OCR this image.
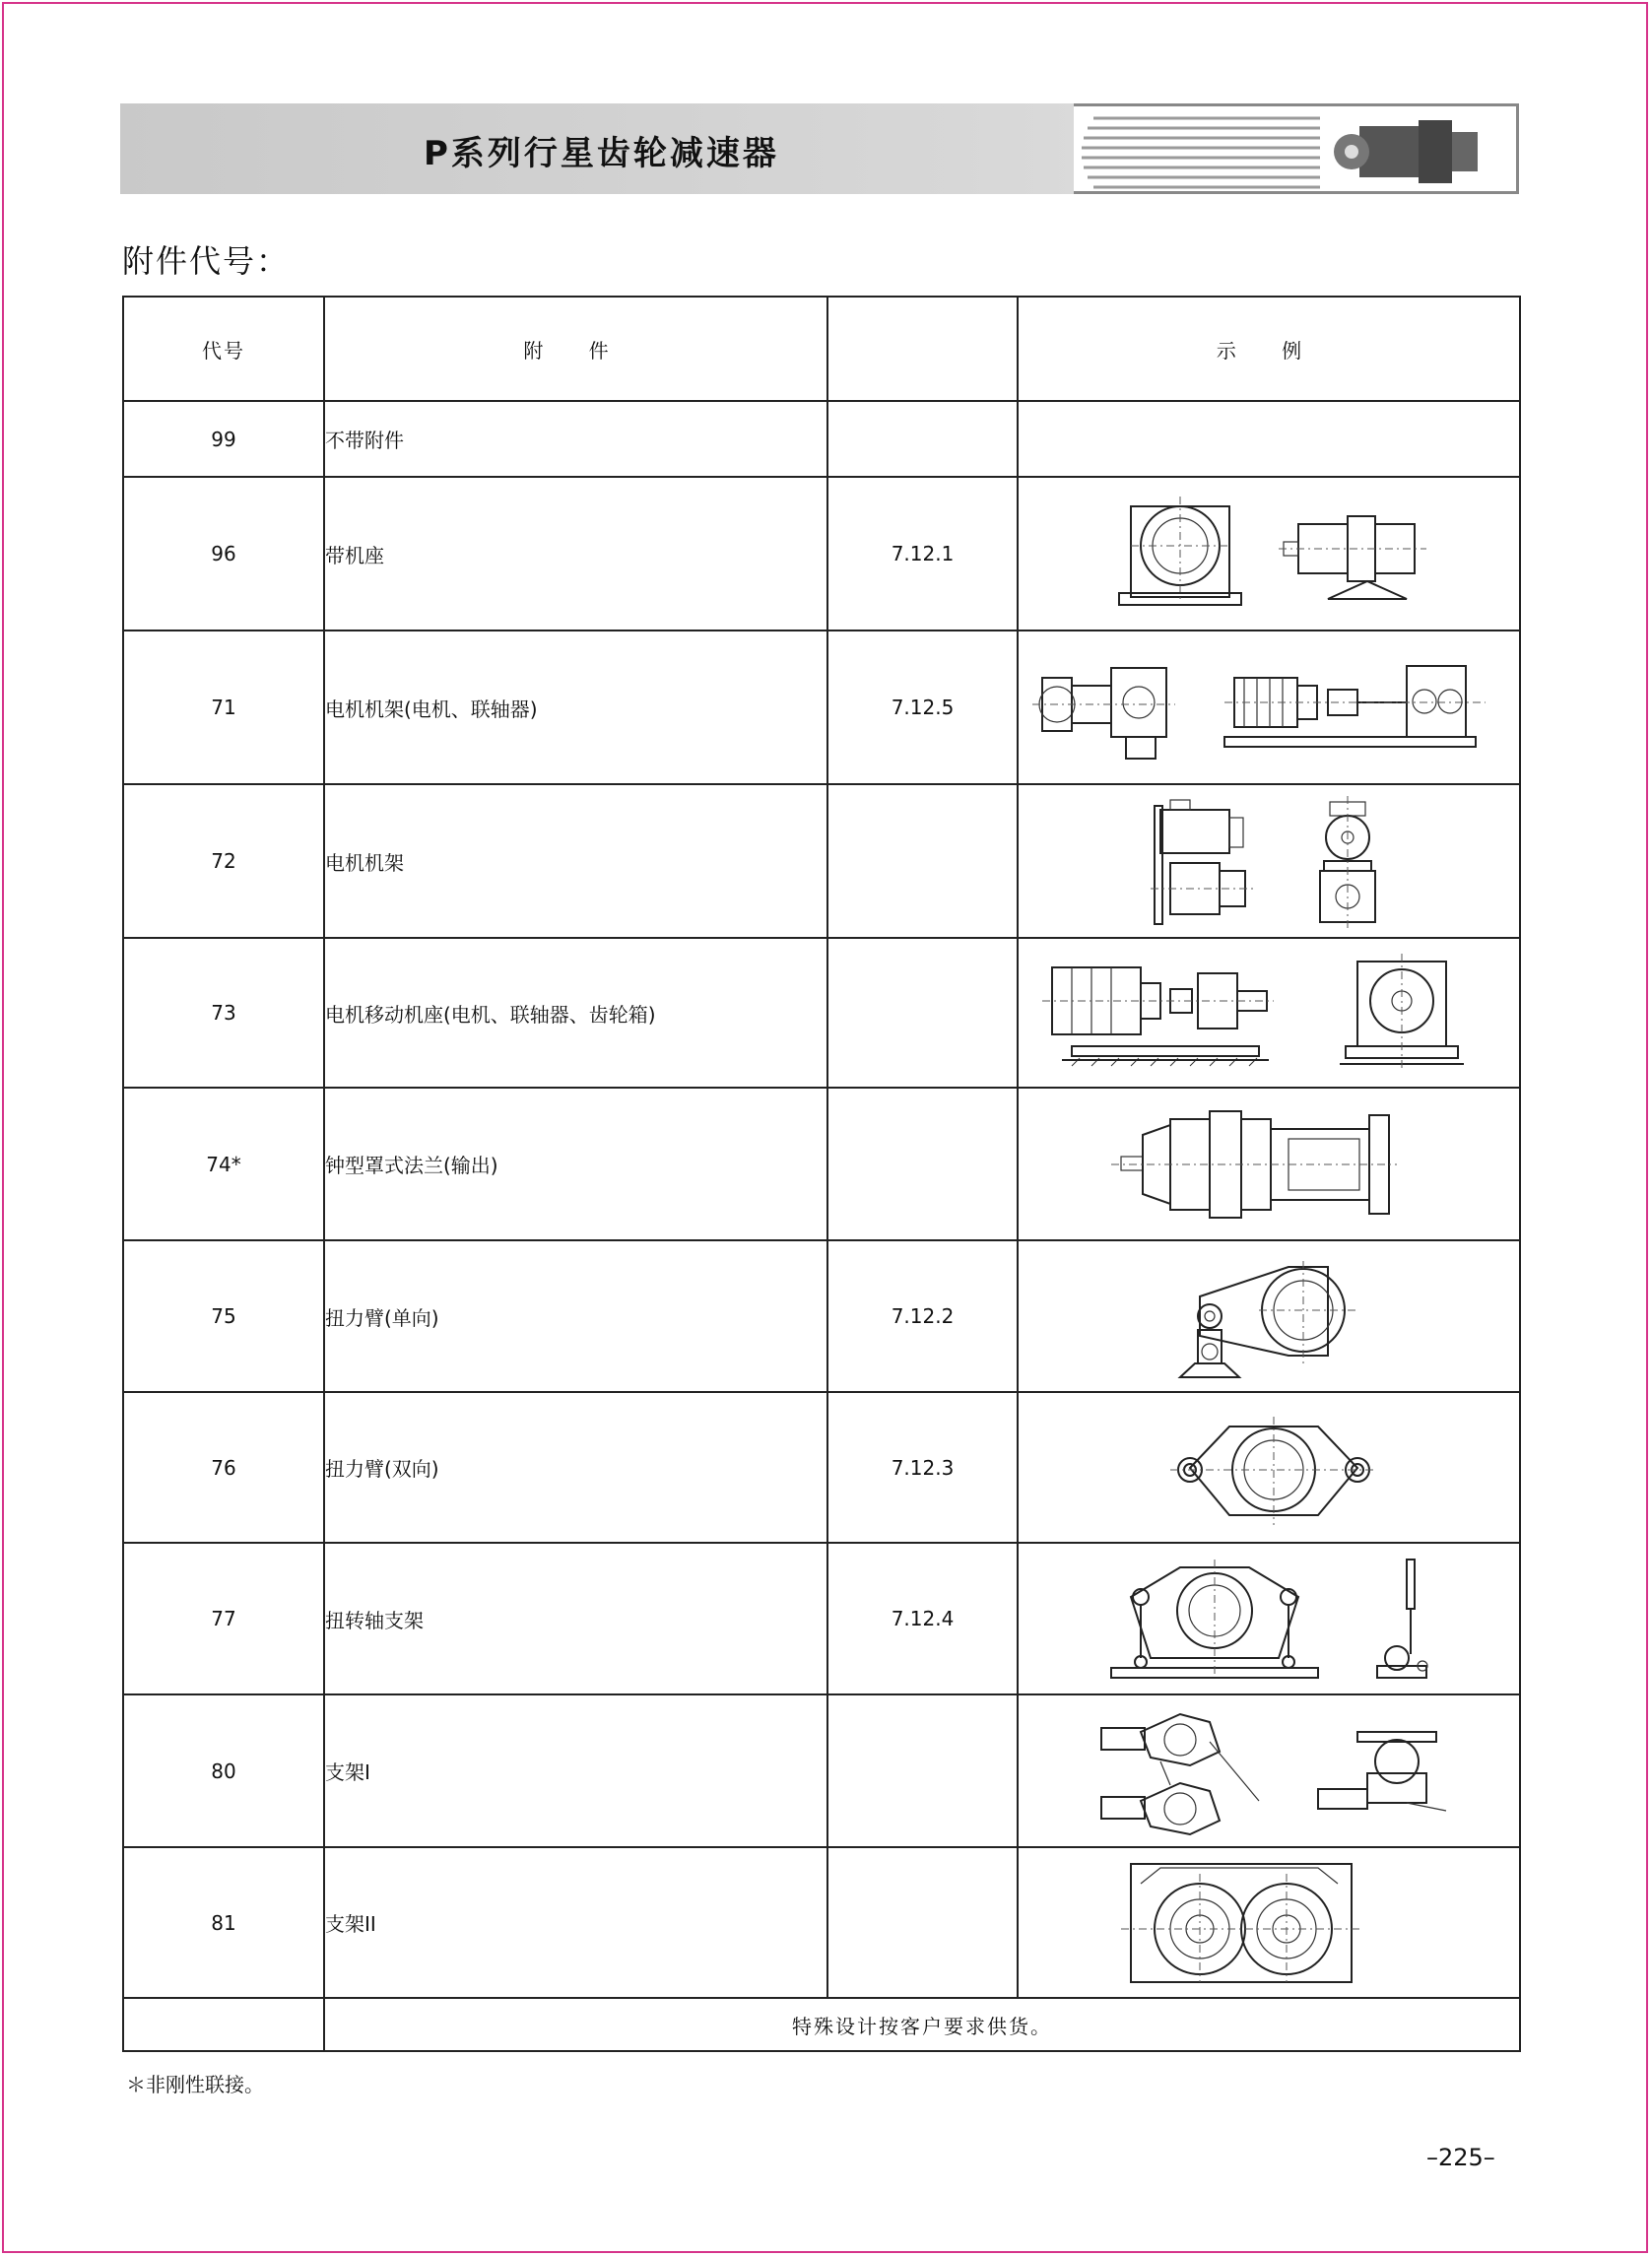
P系列行星齿轮减速器
附件代号：
代号	附 件		示 例
99	不带附件		
96	带机座	7.12.1	

71	电机机架(电机、联轴器)	7.12.5	

72	电机机架		

73	电机移动机座(电机、联轴器、齿轮箱)		

74*	钟型罩式法兰(输出)		

75	扭力臂(单向)	7.12.2	

76	扭力臂(双向)	7.12.3	

77	扭转轴支架	7.12.4	

80	支架I		

81	支架II		

	特殊设计按客户要求供货。		
＊非刚性联接。
–225–
